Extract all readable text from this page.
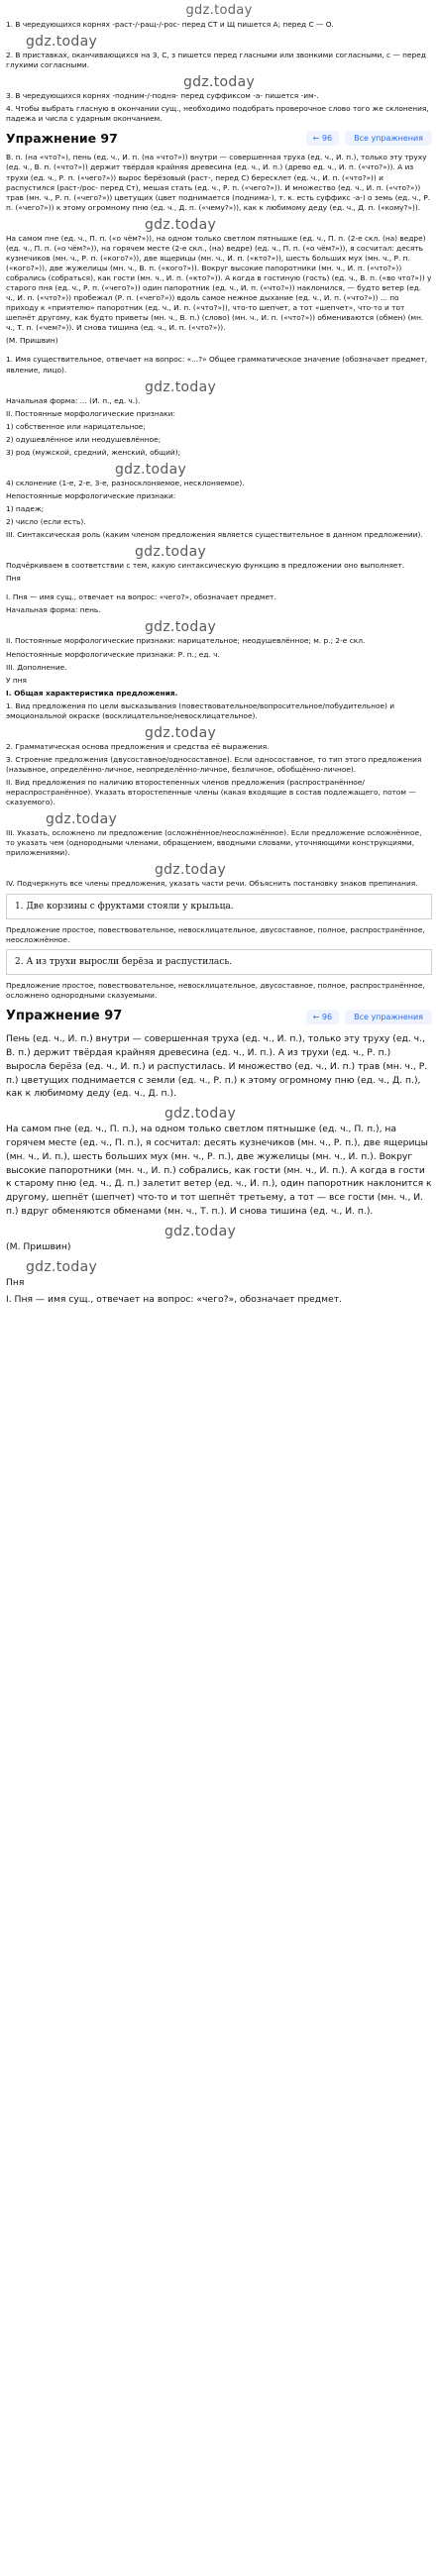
gdz.today

1. В чередующихся корнях -раст-/-ращ-/-рос- перед СТ и Щ пишется А; перед С — О.

gdz.today

2. В приставках, оканчивающихся на З, С, з пишется перед гласными или звонкими согласными, с — перед глухими согласными.

gdz.today

3. В чередующихся корнях -подним-/-подня- перед суффиксом -а- пишется -им-.

4. Чтобы выбрать гласную в окончании сущ., необходимо подобрать проверочное слово того же склонения, падежа и числа с ударным окончанием.

Упражнение 97	← 96	Все упражнения

В. п. (на «что?»), пень (ед. ч., И. п. (на «что?»)) внутри — совершенная труха (ед. ч., И. п.), только эту труху (ед. ч., В. п. («что?»)) держит твёрдая крайняя древесина (ед. ч., И. п.) (древо ед. ч., И. п. («что?»)). А из трухи (ед. ч., Р. п. («чего?»)) вырос берёзовый (раст-, перед С) бересклет (ед. ч., И. п. («что?»)) и распустился (раст-/рос- перед Ст), мешая стать (ед. ч., Р. п. («чего?»)). И множество (ед. ч., И. п. («что?»)) трав (мн. ч., Р. п. («чего?»)) цветущих (цвет поднимается (поднима-), т. к. есть суффикс -а-) о земь (ед. ч., Р. п. («чего?»)) к этому огромному пню (ед. ч., Д. п. («чему?»)), как к любимому деду (ед. ч., Д. п. («кому?»)).

gdz.today

На самом пне (ед. ч., П. п. («о чём?»)), на одном только светлом пятнышке (ед. ч., П. п. (2-е скл. (на) ведре) (ед. ч., П. п. («о чём?»)), на горячем месте (2-е скл., (на) ведре) (ед. ч., П. п. («о чём?»)), я сосчитал: десять кузнечиков (мн. ч., Р. п. («кого?»)), две ящерицы (мн. ч., И. п. («кто?»)), шесть больших мух (мн. ч., Р. п. («кого?»)), две жужелицы (мн. ч., В. п. («кого?»)). Вокруг высокие папоротники (мн. ч., И. п. («что?»)) собрались (собраться), как гости (мн. ч., И. п. («кто?»)). А когда в гостиную (гость) (ед. ч., В. п. («во что?»)) у старого пня (ед. ч., Р. п. («чего?»)) один папоротник (ед. ч., И. п. («что?»)) наклонился, — будто ветер (ед. ч., И. п. («что?»)) пробежал (Р. п. («чего?»)) вдоль самое нежное дыхание (ед. ч., И. п. («что?»)) ... по приходу к «приятелю» папоротник (ед. ч., И. п. («что?»)), что-то шепчет, а тот «шепчет», что-то и тот шепнёт другому, как будто приветы (мн. ч., В. п.) (слово) (мн. ч., И. п. («что?»)) обмениваются (обмен) (мн. ч., Т. п. («чем?»)). И снова тишина (ед. ч., И. п. («что?»)).

(М. Пришвин)

1. Имя существительное, отвечает на вопрос: «...?» Общее грамматическое значение (обозначает предмет, явление, лицо).

gdz.today

Начальная форма: ... (И. п., ед. ч.).

II. Постоянные морфологические признаки:

1) собственное или нарицательное;

2) одушевлённое или неодушевлённое;

3) род (мужской, средний, женский, общий);

gdz.today

4) склонение (1-е, 2-е, 3-е, разносклоняемое, несклоняемое).

Непостоянные морфологические признаки:

1) падеж;

2) число (если есть).

III. Синтаксическая роль (каким членом предложения является существительное в данном предложении).

gdz.today

Подчёркиваем в соответствии с тем, какую синтаксическую функцию в предложении оно выполняет.

Пня

I. Пня — имя сущ., отвечает на вопрос: «чего?», обозначает предмет.

Начальная форма: пень.

gdz.today

II. Постоянные морфологические признаки: нарицательное; неодушевлённое; м. р.; 2-е скл.

Непостоянные морфологические признаки: Р. п.; ед. ч.

III. Дополнение.

У пня

I. Общая характеристика предложения.

1. Вид предложения по цели высказывания (повествовательное/вопросительное/побудительное) и эмоциональной окраске (восклицательное/невосклицательное).

gdz.today

2. Грамматическая основа предложения и средства её выражения.

3. Строение предложения (двусоставное/односоставное). Если односоставное, то тип этого предложения (назывное, определённо-личное, неопределённо-личное, безличное, обобщённо-личное).

II. Вид предложения по наличию второстепенных членов предложения (распространённое/нераспространённое). Указать второстепенные члены (какая входящие в состав подлежащего, потом — сказуемого).

gdz.today

III. Указать, осложнено ли предложение (осложнённое/неосложнённое). Если предложение осложнённое, то указать чем (однородными членами, обращением, вводными словами, уточняющими конструкциями, приложениями).

gdz.today

IV. Подчеркнуть все члены предложения, указать части речи. Объяснить постановку знаков препинания.

1. Две корзины с фруктами стояли у крыльца.

Предложение простое, повествовательное, невосклицательное, двусоставное, полное, распространённое, неосложнённое.

2. А из трухи выросли берёза и распустилась.

Предложение простое, повествовательное, невосклицательное, двусоставное, полное, распространённое, осложнено однородными сказуемыми.

Упражнение 97	← 96	Все упражнения

Пень (ед. ч., И. п.) внутри — совершенная труха (ед. ч., И. п.), только эту труху (ед. ч., В. п.) держит твёрдая крайняя древесина (ед. ч., И. п.). А из трухи (ед. ч., Р. п.) выросла берёза (ед. ч., И. п.) и распустилась. И множество (ед. ч., И. п.) трав (мн. ч., Р. п.) цветущих поднимается с земли (ед. ч., Р. п.) к этому огромному пню (ед. ч., Д. п.), как к любимому деду (ед. ч., Д. п.).

gdz.today

На самом пне (ед. ч., П. п.), на одном только светлом пятнышке (ед. ч., П. п.), на горячем месте (ед. ч., П. п.), я сосчитал: десять кузнечиков (мн. ч., Р. п.), две ящерицы (мн. ч., И. п.), шесть больших мух (мн. ч., Р. п.), две жужелицы (мн. ч., И. п.). Вокруг высокие папоротники (мн. ч., И. п.) собрались, как гости (мн. ч., И. п.). А когда в гости к старому пню (ед. ч., Д. п.) залетит ветер (ед. ч., И. п.), один папоротник наклонится к другому, шепнёт (шепчет) что-то и тот шепнёт третьему, а тот — все гости (мн. ч., И. п.) вдруг обменяются обменами (мн. ч., Т. п.). И снова тишина (ед. ч., И. п.).

gdz.today

(М. Пришвин)

gdz.today

Пня

I. Пня — имя сущ., отвечает на вопрос: «чего?», обозначает предмет.
